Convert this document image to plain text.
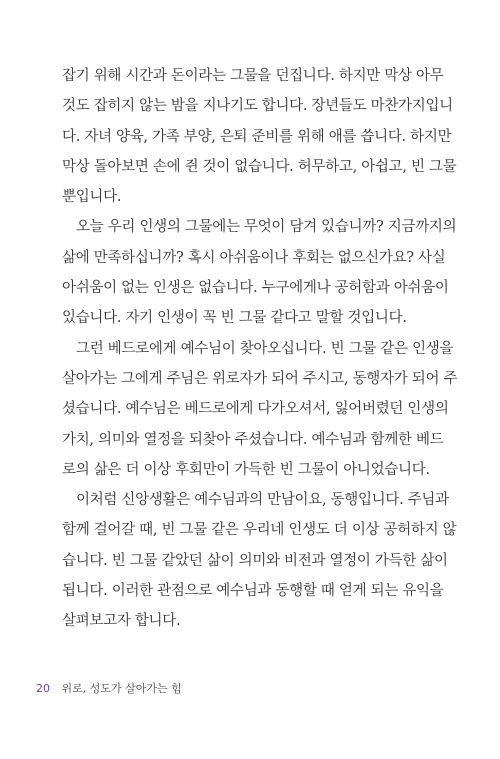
잡기 위해 시간과 돈이라는 그물을 던집니다. 하지만 막상 아무
것도 잡히지 않는 밤을 지나기도 합니다. 장년들도 마찬가지입니
다. 자녀 양육, 가족 부양, 은퇴 준비를 위해 애를 씁니다. 하지만
막상 돌아보면 손에 쥔 것이 없습니다. 허무하고, 아쉽고, 빈 그물
뿐입니다.
오늘 우리 인생의 그물에는 무엇이 담겨 있습니까? 지금까지의
삶에 만족하십니까? 혹시 아쉬움이나 후회는 없으신가요? 사실
아쉬움이 없는 인생은 없습니다. 누구에게나 공허함과 아쉬움이
있습니다. 자기 인생이 꼭 빈 그물 같다고 말할 것입니다.
그런 베드로에게 예수님이 찾아오십니다. 빈 그물 같은 인생을
살아가는 그에게 주님은 위로자가 되어 주시고, 동행자가 되어 주
셨습니다. 예수님은 베드로에게 다가오셔서, 잃어버렸던 인생의
가치, 의미와 열정을 되찾아 주셨습니다. 예수님과 함께한 베드
로의 삶은 더 이상 후회만이 가득한 빈 그물이 아니었습니다.
이처럼 신앙생활은 예수님과의 만남이요, 동행입니다. 주님과
함께 걸어갈 때, 빈 그물 같은 우리네 인생도 더 이상 공허하지 않
습니다. 빈 그물 같았던 삶이 의미와 비전과 열정이 가득한 삶이
됩니다. 이러한 관점으로 예수님과 동행할 때 얻게 되는 유익을
살펴보고자 합니다.
20 위로, 성도가 살아가는 힘
